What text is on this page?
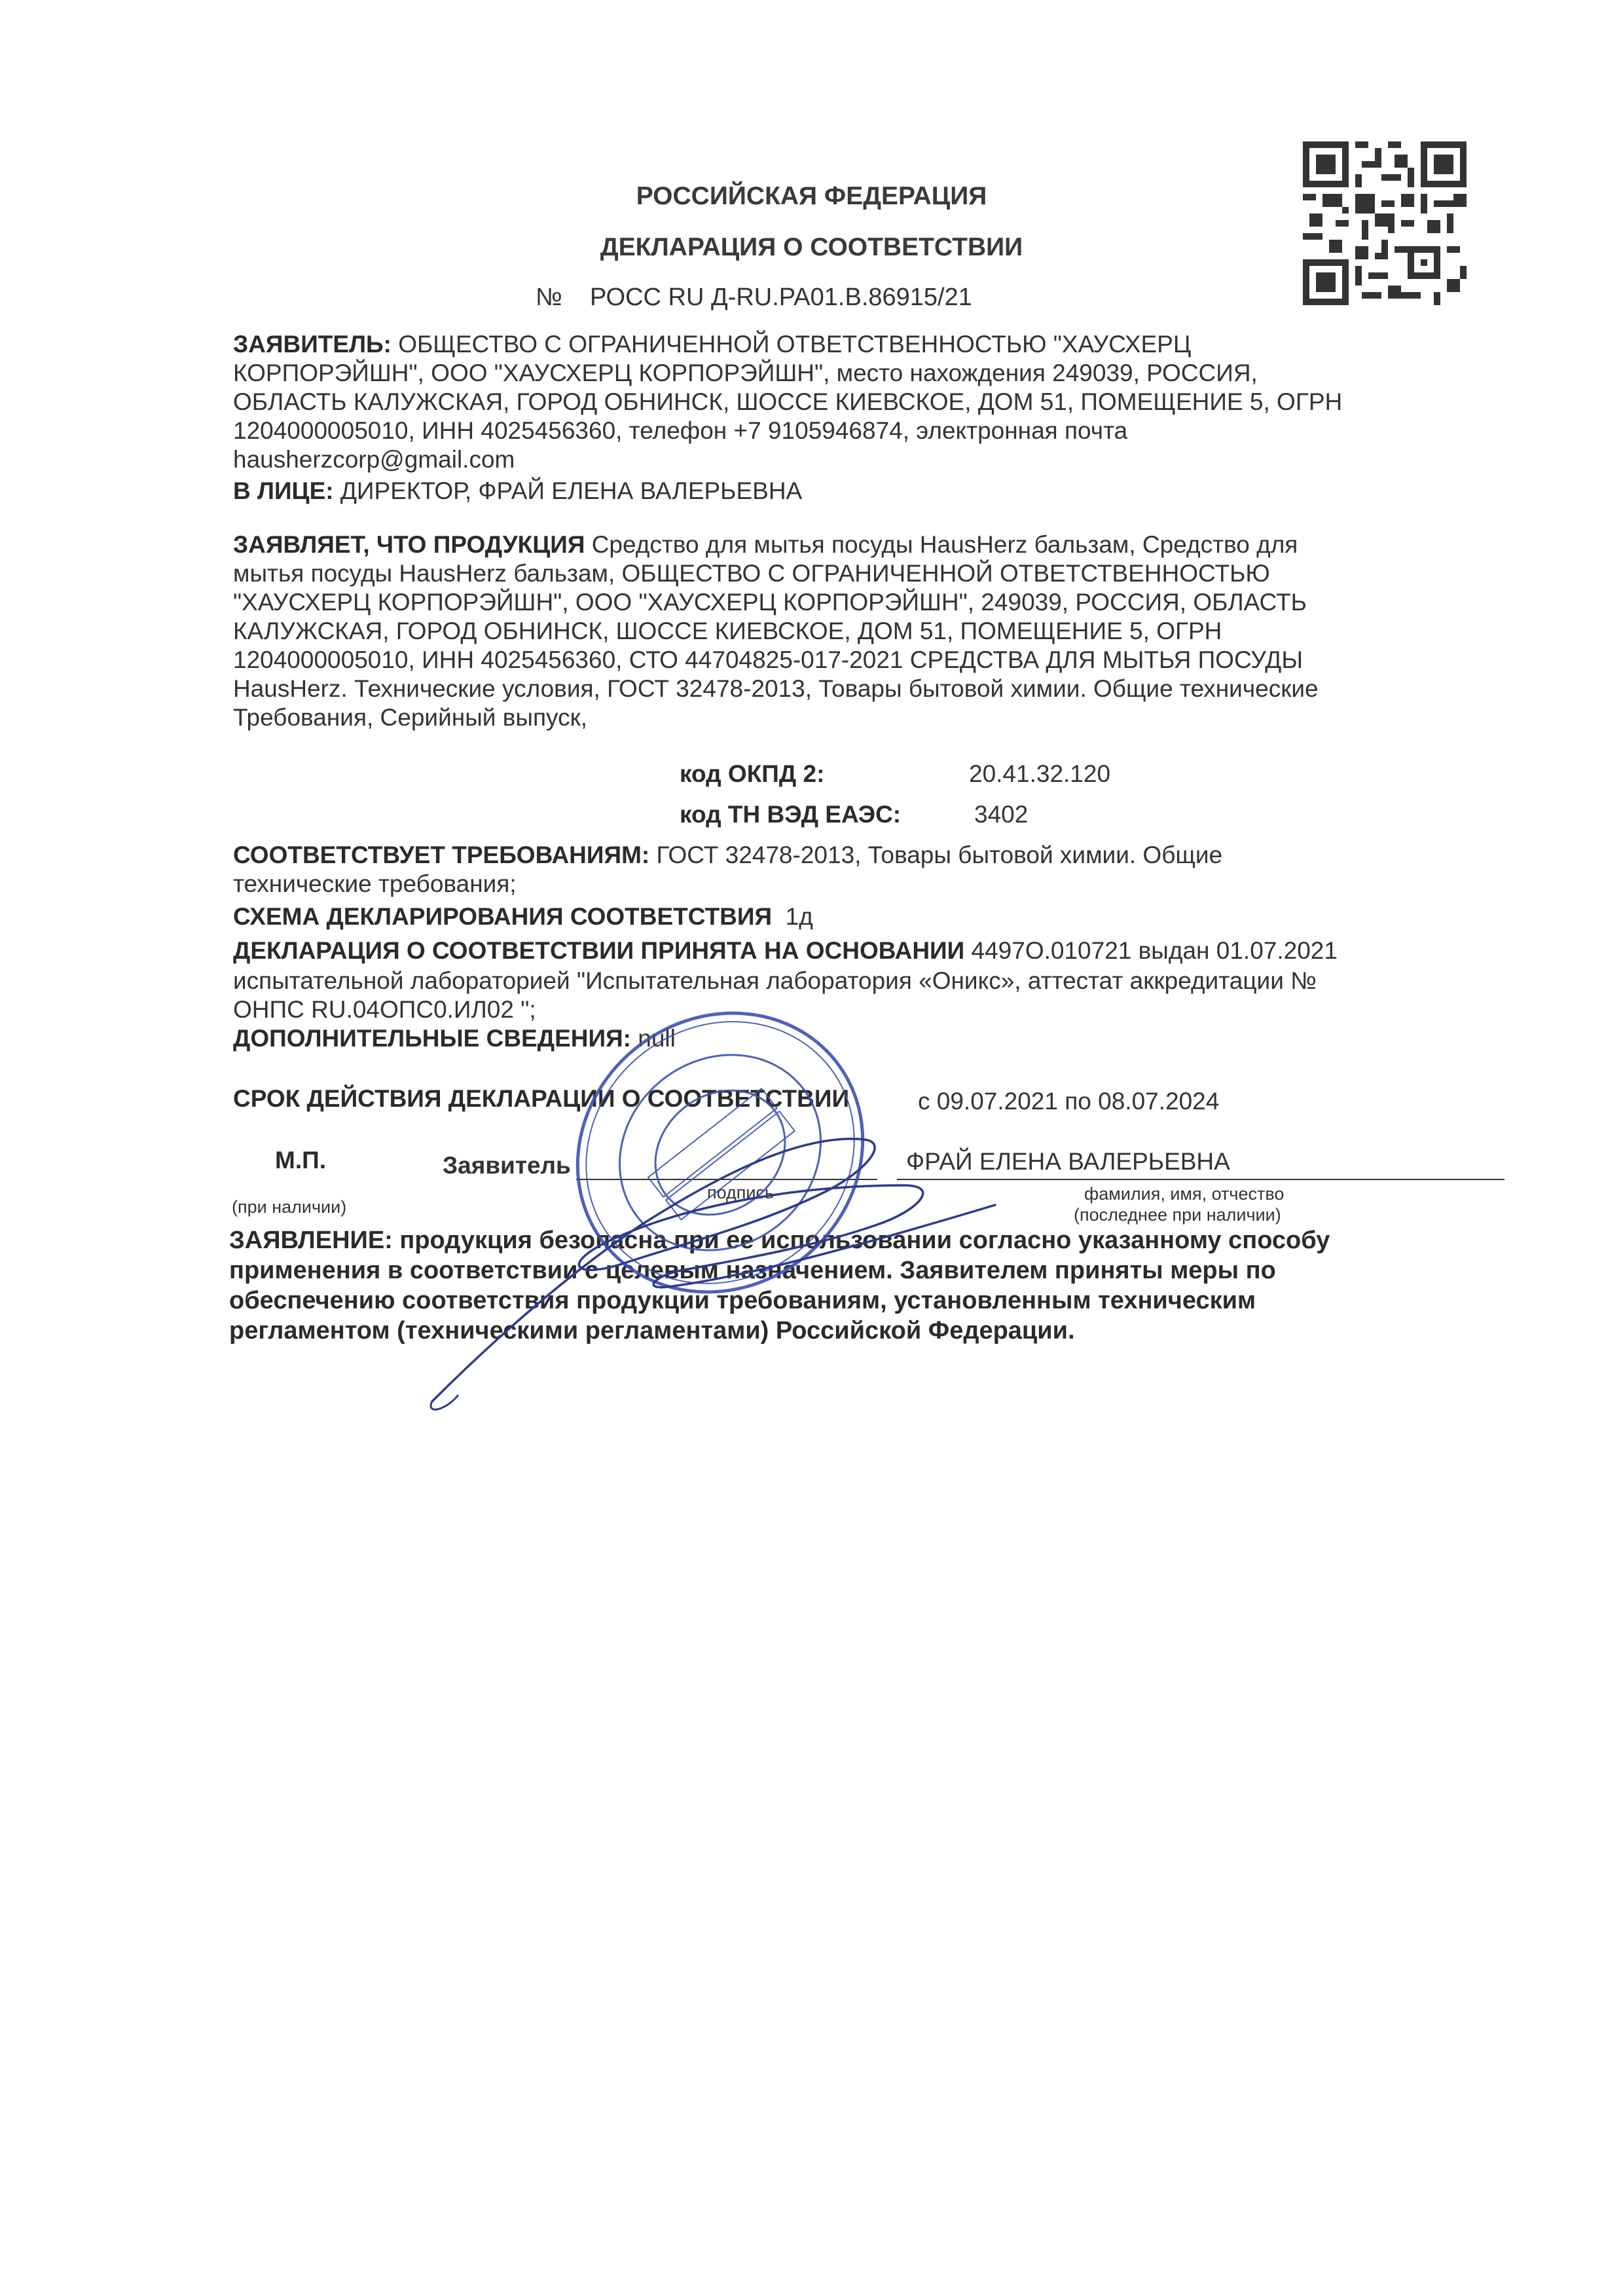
РОССИЙСКАЯ ФЕДЕРАЦИЯ
ДЕКЛАРАЦИЯ О СООТВЕТСТВИИ
№ РОСС RU Д-RU.PA01.B.86915/21
ЗАЯВИТЕЛЬ: ОБЩЕСТВО С ОГРАНИЧЕННОЙ ОТВЕТСТВЕННОСТЬЮ "ХАУСХЕРЦ
КОРПОРЭЙШН", ООО "ХАУСХЕРЦ КОРПОРЭЙШН", место нахождения 249039, РОССИЯ,
ОБЛАСТЬ КАЛУЖСКАЯ, ГОРОД ОБНИНСК, ШОССЕ КИЕВСКОЕ, ДОМ 51, ПОМЕЩЕНИЕ 5, ОГРН
1204000005010, ИНН 4025456360, телефон +7 9105946874, электронная почта
hausherzcorp@gmail.com
В ЛИЦЕ: ДИРЕКТОР, ФРАЙ ЕЛЕНА ВАЛЕРЬЕВНА
ЗАЯВЛЯЕТ, ЧТО ПРОДУКЦИЯ Средство для мытья посуды HausHerz бальзам, Средство для
мытья посуды HausHerz бальзам, ОБЩЕСТВО С ОГРАНИЧЕННОЙ ОТВЕТСТВЕННОСТЬЮ
"ХАУСХЕРЦ КОРПОРЭЙШН", ООО "ХАУСХЕРЦ КОРПОРЭЙШН", 249039, РОССИЯ, ОБЛАСТЬ
КАЛУЖСКАЯ, ГОРОД ОБНИНСК, ШОССЕ КИЕВСКОЕ, ДОМ 51, ПОМЕЩЕНИЕ 5, ОГРН
1204000005010, ИНН 4025456360, СТО 44704825-017-2021 СРЕДСТВА ДЛЯ МЫТЬЯ ПОСУДЫ
HausHerz. Технические условия, ГОСТ 32478-2013, Товары бытовой химии. Общие технические
Требования, Серийный выпуск,
код ОКПД 2:	20.41.32.120
код ТН ВЭД ЕАЭС:	3402
СООТВЕТСТВУЕТ ТРЕБОВАНИЯМ: ГОСТ 32478-2013, Товары бытовой химии. Общие
технические требования;
СХЕМА ДЕКЛАРИРОВАНИЯ СООТВЕТСТВИЯ 1д
ДЕКЛАРАЦИЯ О СООТВЕТСТВИИ ПРИНЯТА НА ОСНОВАНИИ 4497О.010721 выдан 01.07.2021
испытательной лабораторией "Испытательная лаборатория «Оникс», аттестат аккредитации №
ОНПС RU.04ОПС0.ИЛ02 ";
ДОПОЛНИТЕЛЬНЫЕ СВЕДЕНИЯ: null
СРОК ДЕЙСТВИЯ ДЕКЛАРАЦИИ О СООТВЕТСТВИИ	с 09.07.2021 по 08.07.2024
М.П.	Заявитель	ФРАЙ ЕЛЕНА ВАЛЕРЬЕВНА
(при наличии)
подпись	фамилия, имя, отчество
(последнее при наличии)
ЗАЯВЛЕНИЕ: продукция безопасна при ее использовании согласно указанному способу
применения в соответствии с целевым назначением. Заявителем приняты меры по
обеспечению соответствия продукции требованиям, установленным техническим
регламентом (техническими регламентами) Российской Федерации.
